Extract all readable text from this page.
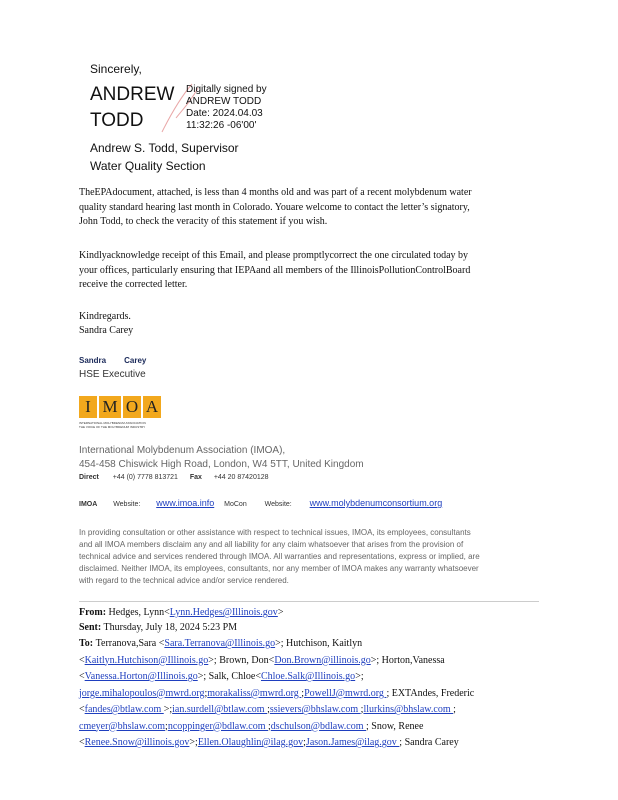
Sincerely,
ANDREW
TODD
Digitally signed by
ANDREW TODD
Date: 2024.04.03
11:32:26 -06'00'
Andrew S. Todd, Supervisor
Water Quality Section
TheEPAdocument, attached, is less than 4 months old and was part of a recent molybdenum water
quality standard hearing last month in Colorado. Youare welcome to contact the letter’s signatory,
John Todd, to check the veracity of this statement if you wish.
Kindlyacknowledge receipt of this Email, and please promptlycorrect the one circulated today by
your offices, particularly ensuring that IEPAand all members of the IllinoisPollutionControlBoard
receive the corrected letter.
Kindregards.
Sandra Carey
Sandra Carey
HSE Executive
I M O A
INTERNATIONAL MOLYBDENUM ASSOCIATION
THE VOICE OF THE MOLYBDENUM INDUSTRY
International Molybdenum Association (IMOA),
454-458 Chiswick High Road, London, W4 5TT, United Kingdom
Direct +44 (0) 7778 813721 Fax +44 20 87420128
IMOA Website: www.imoa.info MoCon	Website: www.molybdenumconsortium.org
In providing consultation or other assistance with respect to technical issues, IMOA, its employees, consultants
and all IMOA members disclaim any and all liability for any claim whatsoever that arises from the provision of
technical advice and services rendered through IMOA. All warranties and representations, express or implied, are
disclaimed. Neither IMOA, its employees, consultants, nor any member of IMOA makes any warranty whatsoever
with regard to the technical advice and/or service rendered.
From: Hedges, Lynn<Lynn.Hedges@Illinois.gov>
Sent: Thursday, July 18, 2024 5:23 PM
To: Terranova,Sara <Sara.Terranova@Illinois.go>; Hutchison, Kaitlyn
<Kaitlyn.Hutchison@Illinois.go>; Brown, Don<Don.Brown@illinois.go>; Horton,Vanessa
<Vanessa.Horton@Illinois.go>; Salk, Chloe<Chloe.Salk@Illinois.go>;
jorge.mihalopoulos@mwrd.org;morakaliss@mwrd.org ;PowellJ@mwrd.org ; EXTAndes, Frederic
<fandes@btlaw.com >;ian.surdell@btlaw.com ;ssievers@bhslaw.com ;llurkins@bhslaw.com ;
cmeyer@bhslaw.com;ncoppinger@bdlaw.com ;dschulson@bdlaw.com ; Snow, Renee
<Renee.Snow@illinois.gov>;Ellen.Olaughlin@ilag.gov;Jason.James@ilag.gov ; Sandra Carey
